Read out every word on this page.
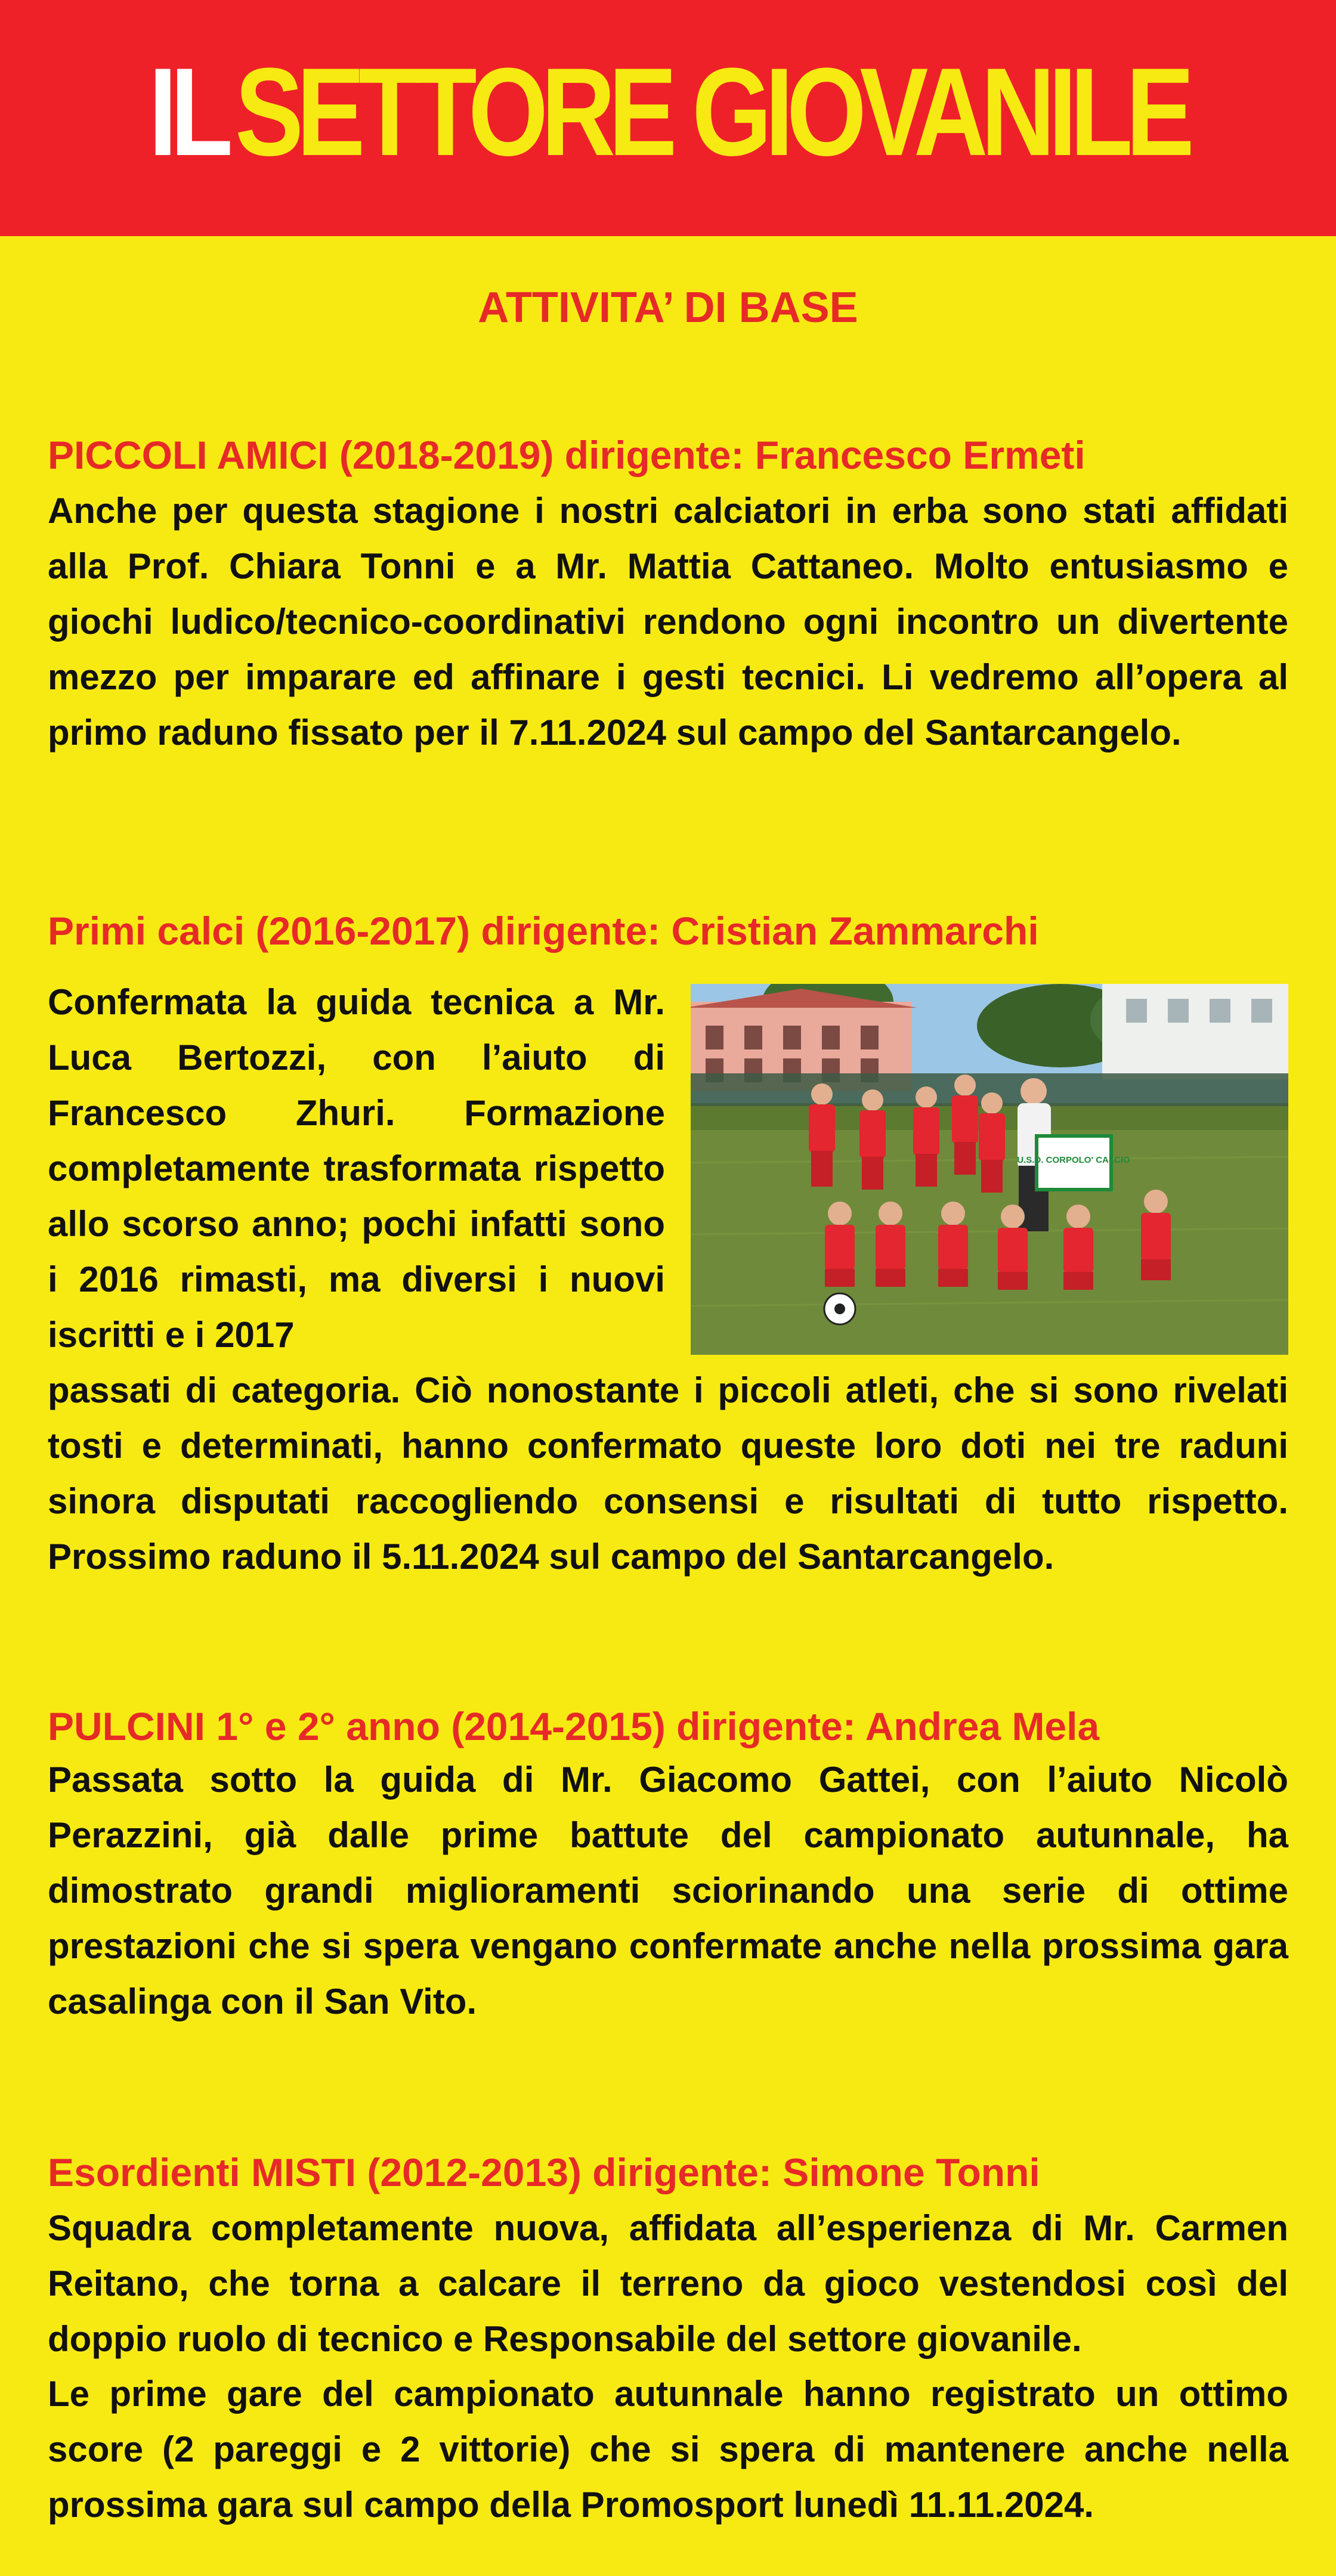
ILSETTORE GIOVANILE
ATTIVITA’ DI BASE
PICCOLI AMICI (2018-2019) dirigente: Francesco Ermeti
Anche per questa stagione i nostri calciatori in erba sono stati affidati alla Prof. Chiara Tonni e a Mr. Mattia Cattaneo. Molto entusiasmo e giochi ludico/tecnico-coordinativi rendono ogni incontro un divertente mezzo per imparare ed affinare i gesti tecnici. Li vedremo all’opera al primo raduno fissato per il 7.11.2024 sul campo del Santarcangelo.
Primi calci (2016-2017) dirigente: Cristian Zammarchi
Confermata la guida tecnica a Mr. Luca Bertozzi, con l’aiuto di Francesco Zhuri. Formazione completamente trasformata rispetto allo scorso anno; pochi infatti sono i 2016 rimasti, ma diversi i nuovi iscritti e i 2017
U.S.D. CORPOLO' CALCIO
passati di categoria. Ciò nonostante i piccoli atleti, che si sono rivelati tosti e determinati, hanno confermato queste loro doti nei tre raduni sinora disputati raccogliendo consensi e risultati di tutto rispetto. Prossimo raduno il 5.11.2024 sul campo del Santarcangelo.
PULCINI 1° e 2° anno (2014-2015) dirigente: Andrea Mela
Passata sotto la guida di Mr. Giacomo Gattei, con l’aiuto Nicolò Perazzini, già dalle prime battute del campionato autunnale, ha dimostrato grandi miglioramenti sciorinando una serie di ottime prestazioni che si spera vengano confermate anche nella prossima gara casalinga con il San Vito.
Esordienti MISTI (2012-2013) dirigente: Simone Tonni
Squadra completamente nuova, affidata all’esperienza di Mr. Carmen Reitano, che torna a calcare il terreno da gioco vestendosi così del doppio ruolo di tecnico e Responsabile del settore giovanile.
Le prime gare del campionato autunnale hanno registrato un ottimo score (2 pareggi e 2 vittorie) che si spera di mantenere anche nella prossima gara sul campo della Promosport lunedì 11.11.2024.
